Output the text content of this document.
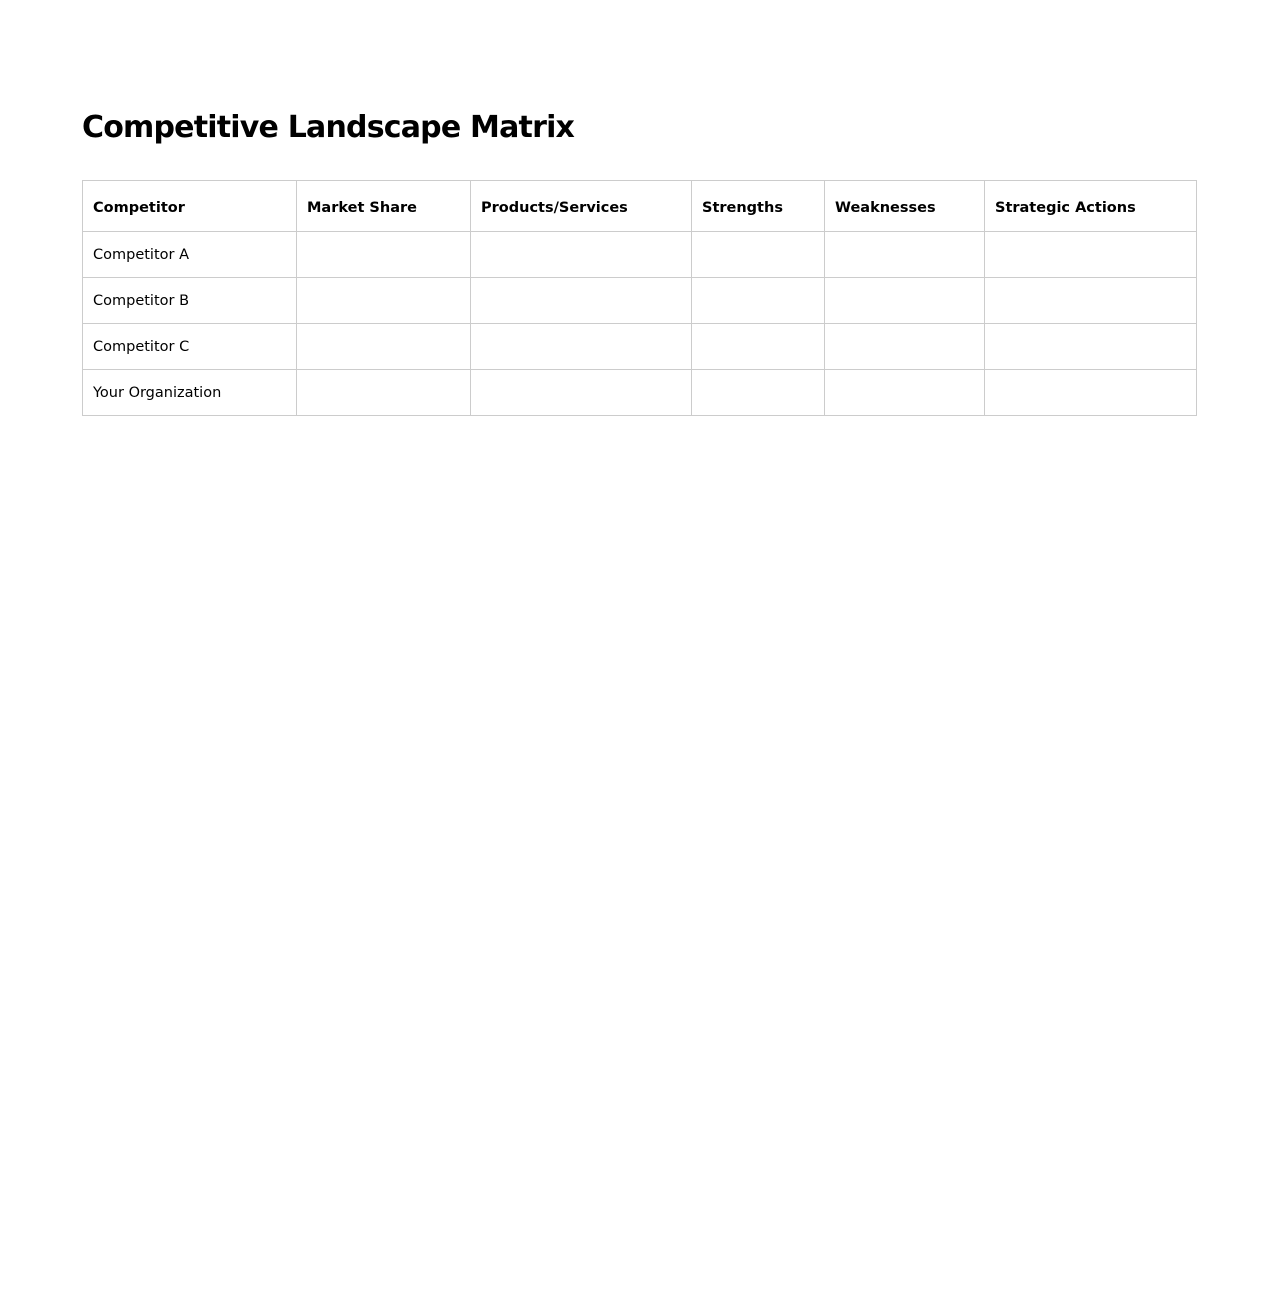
Competitive Landscape Matrix
Competitor	Market Share	Products/Services	Strengths	Weaknesses	Strategic Actions
Competitor A					
Competitor B					
Competitor C					
Your Organization					
